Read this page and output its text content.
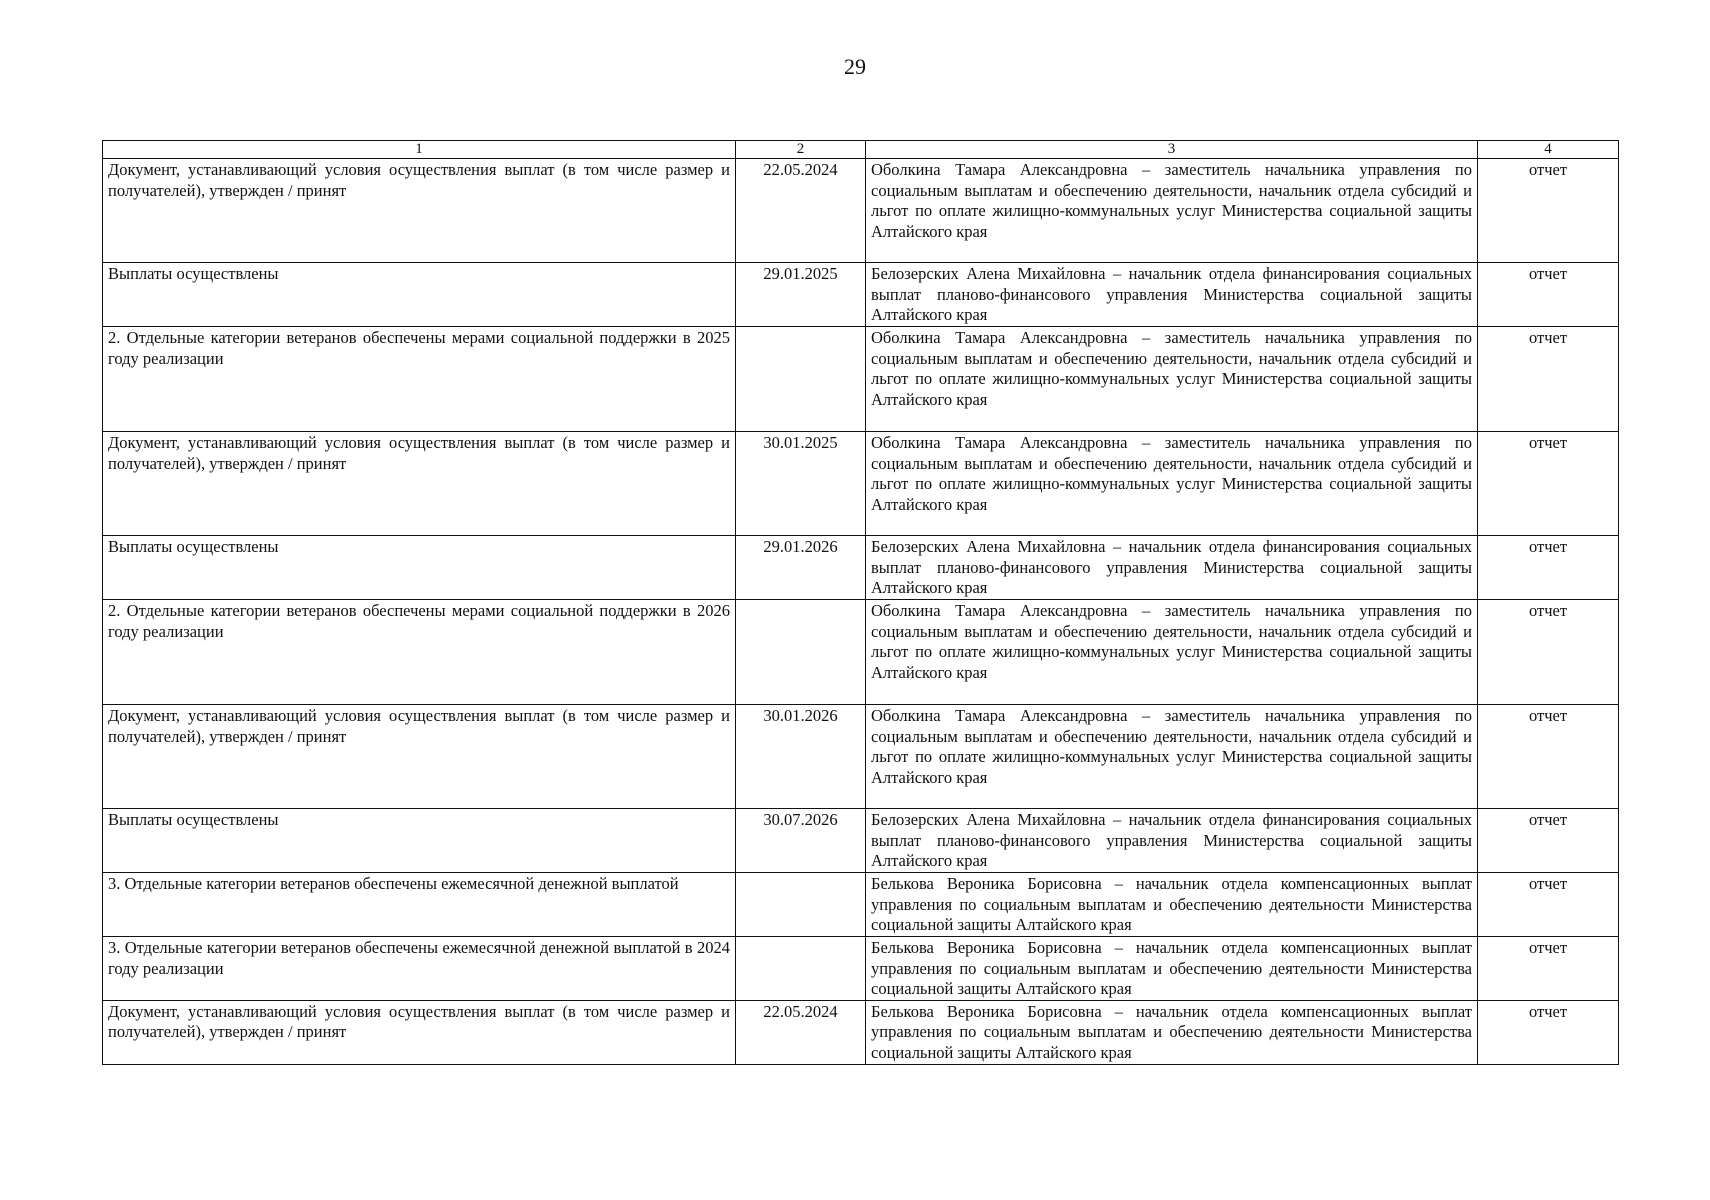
29
1	2	3	4
Документ, устанавливающий условия осуществления выплат (в том числе размер и получателей), утвержден / принят	22.05.2024	Оболкина Тамара Александровна – заместитель начальника управления по социальным выплатам и обеспечению деятельности, начальник отдела субсидий и льгот по оплате жилищно-коммунальных услуг Министерства социальной защиты Алтайского края	отчет
Выплаты осуществлены	29.01.2025	Белозерских Алена Михайловна – начальник отдела финансирования социальных выплат планово-финансового управления Министерства социальной защиты Алтайского края	отчет
2. Отдельные категории ветеранов обеспечены мерами социальной поддержки в 2025 году реализации		Оболкина Тамара Александровна – заместитель начальника управления по социальным выплатам и обеспечению деятельности, начальник отдела субсидий и льгот по оплате жилищно-коммунальных услуг Министерства социальной защиты Алтайского края	отчет
Документ, устанавливающий условия осуществления выплат (в том числе размер и получателей), утвержден / принят	30.01.2025	Оболкина Тамара Александровна – заместитель начальника управления по социальным выплатам и обеспечению деятельности, начальник отдела субсидий и льгот по оплате жилищно-коммунальных услуг Министерства социальной защиты Алтайского края	отчет
Выплаты осуществлены	29.01.2026	Белозерских Алена Михайловна – начальник отдела финансирования социальных выплат планово-финансового управления Министерства социальной защиты Алтайского края	отчет
2. Отдельные категории ветеранов обеспечены мерами социальной поддержки в 2026 году реализации		Оболкина Тамара Александровна – заместитель начальника управления по социальным выплатам и обеспечению деятельности, начальник отдела субсидий и льгот по оплате жилищно-коммунальных услуг Министерства социальной защиты Алтайского края	отчет
Документ, устанавливающий условия осуществления выплат (в том числе размер и получателей), утвержден / принят	30.01.2026	Оболкина Тамара Александровна – заместитель начальника управления по социальным выплатам и обеспечению деятельности, начальник отдела субсидий и льгот по оплате жилищно-коммунальных услуг Министерства социальной защиты Алтайского края	отчет
Выплаты осуществлены	30.07.2026	Белозерских Алена Михайловна – начальник отдела финансирования социальных выплат планово-финансового управления Министерства социальной защиты Алтайского края	отчет
3. Отдельные категории ветеранов обеспечены ежемесячной денежной выплатой		Белькова Вероника Борисовна – начальник отдела компенсационных выплат управления по социальным выплатам и обеспечению деятельности Министерства социальной защиты Алтайского края	отчет
3. Отдельные категории ветеранов обеспечены ежемесячной денежной выплатой в 2024 году реализации		Белькова Вероника Борисовна – начальник отдела компенсационных выплат управления по социальным выплатам и обеспечению деятельности Министерства социальной защиты Алтайского края	отчет
Документ, устанавливающий условия осуществления выплат (в том числе размер и получателей), утвержден / принят	22.05.2024	Белькова Вероника Борисовна – начальник отдела компенсационных выплат управления по социальным выплатам и обеспечению деятельности Министерства социальной защиты Алтайского края	отчет
